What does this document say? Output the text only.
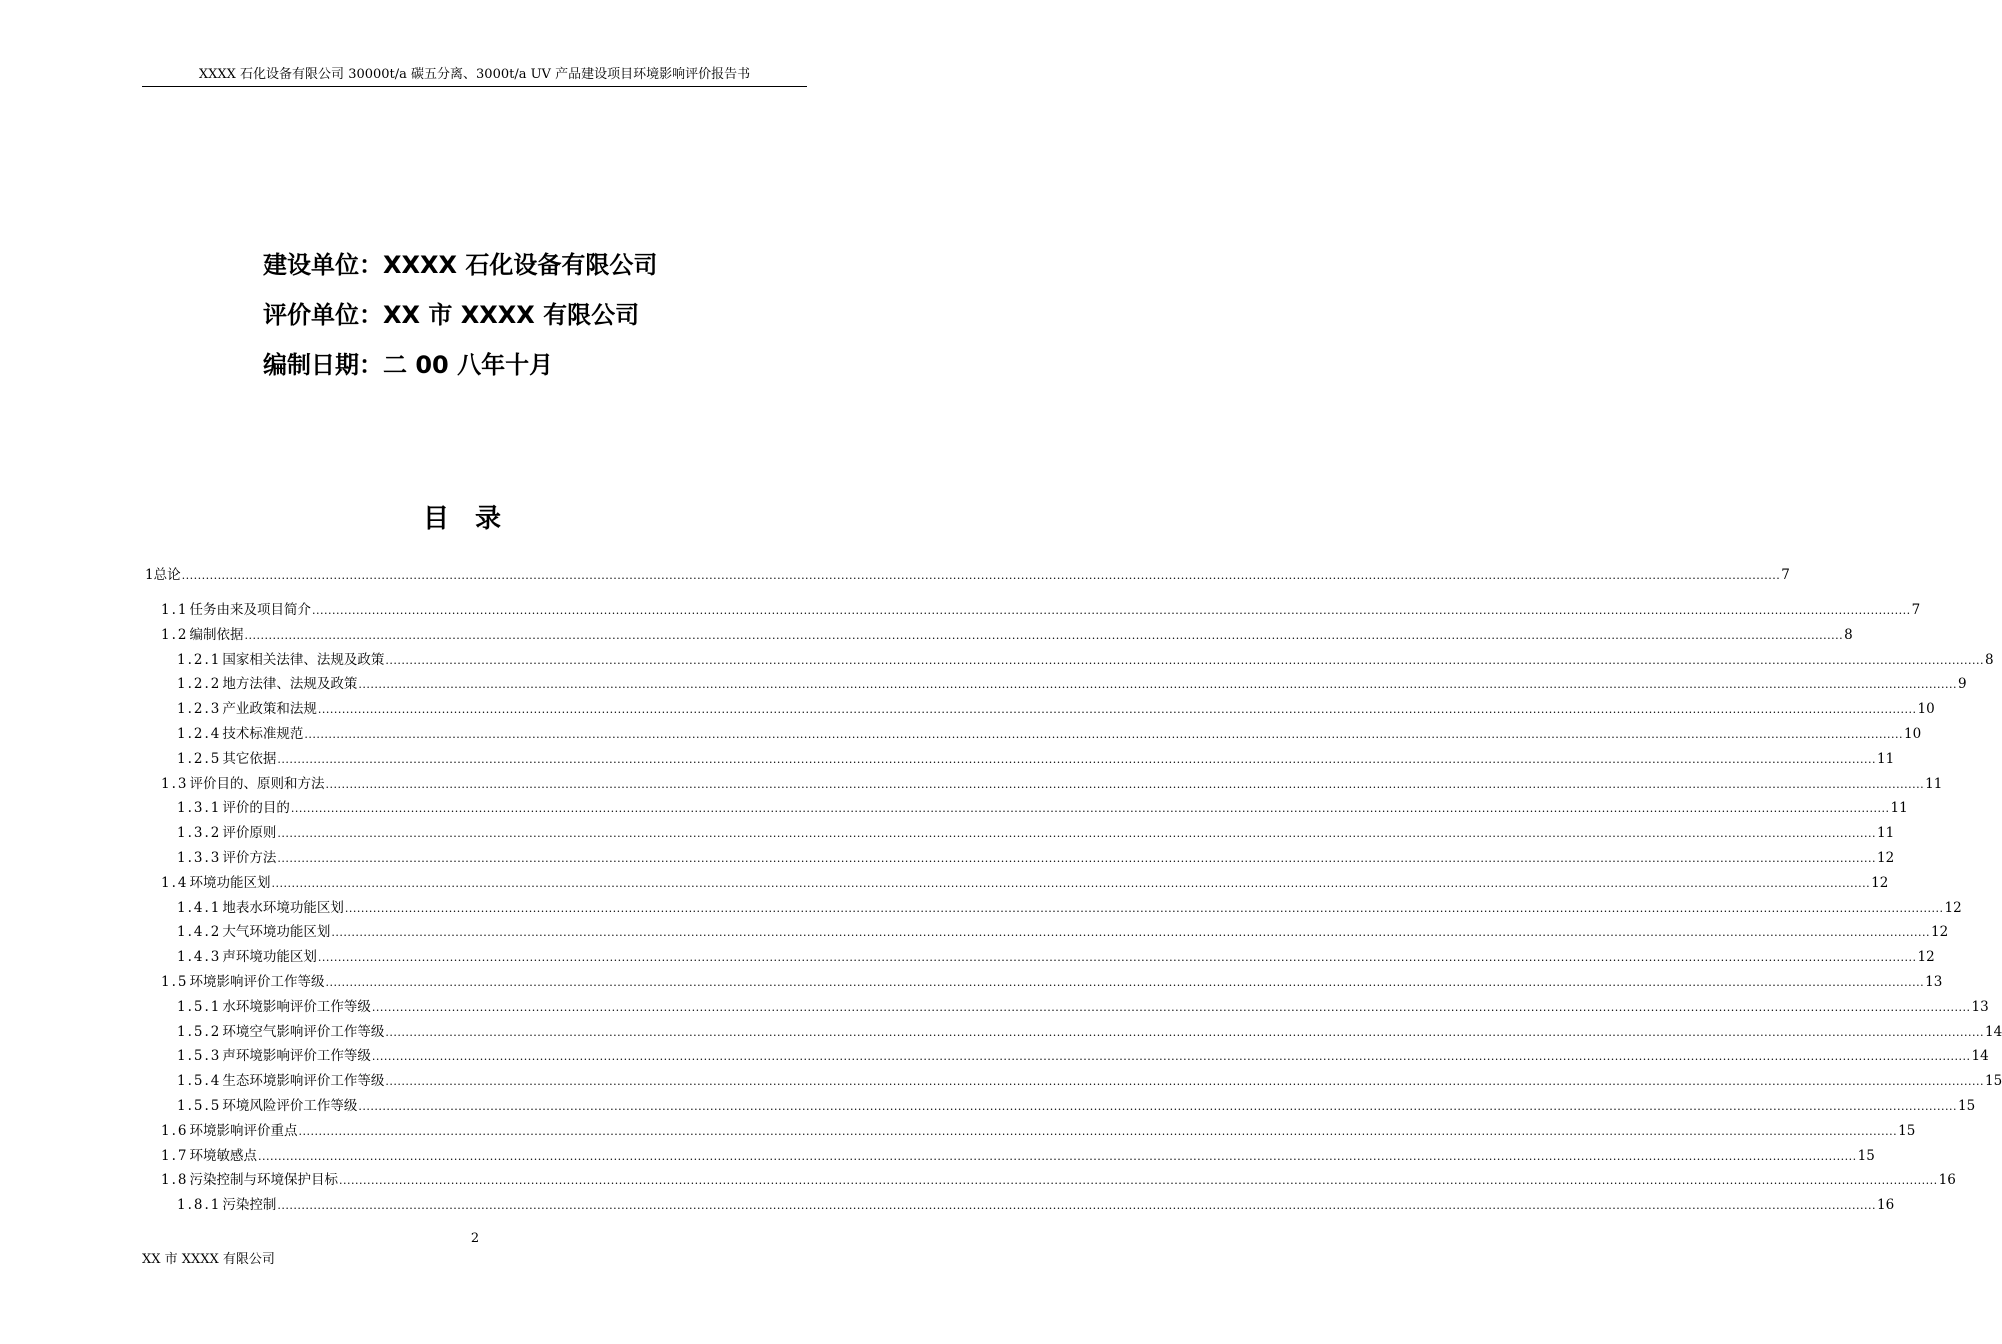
XXXX 石化设备有限公司 30000t/a 碳五分离、3000t/a UV 产品建设项目环境影响评价报告书
建设单位：XXXX 石化设备有限公司
评价单位：XX 市 XXXX 有限公司
编制日期：二 00 八年十月
目录
1 总论 ................................................................................................................................................................................................................................................................................................................................................................................................................ 7
1.1 任务由来及项目简介 ................................................................................................................................................................................................................................................................................................................................................................................................................ 7
1.2 编制依据 ................................................................................................................................................................................................................................................................................................................................................................................................................ 8
1.2.1 国家相关法律、法规及政策 ................................................................................................................................................................................................................................................................................................................................................................................................................ 8
1.2.2 地方法律、法规及政策 ................................................................................................................................................................................................................................................................................................................................................................................................................ 9
1.2.3 产业政策和法规 ................................................................................................................................................................................................................................................................................................................................................................................................................ 10
1.2.4 技术标准规范 ................................................................................................................................................................................................................................................................................................................................................................................................................ 10
1.2.5 其它依据 ................................................................................................................................................................................................................................................................................................................................................................................................................ 11
1.3 评价目的、原则和方法 ................................................................................................................................................................................................................................................................................................................................................................................................................ 11
1.3.1 评价的目的 ................................................................................................................................................................................................................................................................................................................................................................................................................ 11
1.3.2 评价原则 ................................................................................................................................................................................................................................................................................................................................................................................................................ 11
1.3.3 评价方法 ................................................................................................................................................................................................................................................................................................................................................................................................................ 12
1.4 环境功能区划 ................................................................................................................................................................................................................................................................................................................................................................................................................ 12
1.4.1 地表水环境功能区划 ................................................................................................................................................................................................................................................................................................................................................................................................................ 12
1.4.2 大气环境功能区划 ................................................................................................................................................................................................................................................................................................................................................................................................................ 12
1.4.3 声环境功能区划 ................................................................................................................................................................................................................................................................................................................................................................................................................ 12
1.5 环境影响评价工作等级 ................................................................................................................................................................................................................................................................................................................................................................................................................ 13
1.5.1 水环境影响评价工作等级 ................................................................................................................................................................................................................................................................................................................................................................................................................ 13
1.5.2 环境空气影响评价工作等级 ................................................................................................................................................................................................................................................................................................................................................................................................................ 14
1.5.3 声环境影响评价工作等级 ................................................................................................................................................................................................................................................................................................................................................................................................................ 14
1.5.4 生态环境影响评价工作等级 ................................................................................................................................................................................................................................................................................................................................................................................................................ 15
1.5.5 环境风险评价工作等级 ................................................................................................................................................................................................................................................................................................................................................................................................................ 15
1.6 环境影响评价重点 ................................................................................................................................................................................................................................................................................................................................................................................................................ 15
1.7 环境敏感点 ................................................................................................................................................................................................................................................................................................................................................................................................................ 15
1.8 污染控制与环境保护目标 ................................................................................................................................................................................................................................................................................................................................................................................................................ 16
1.8.1 污染控制 ................................................................................................................................................................................................................................................................................................................................................................................................................ 16
2
XX 市 XXXX 有限公司
